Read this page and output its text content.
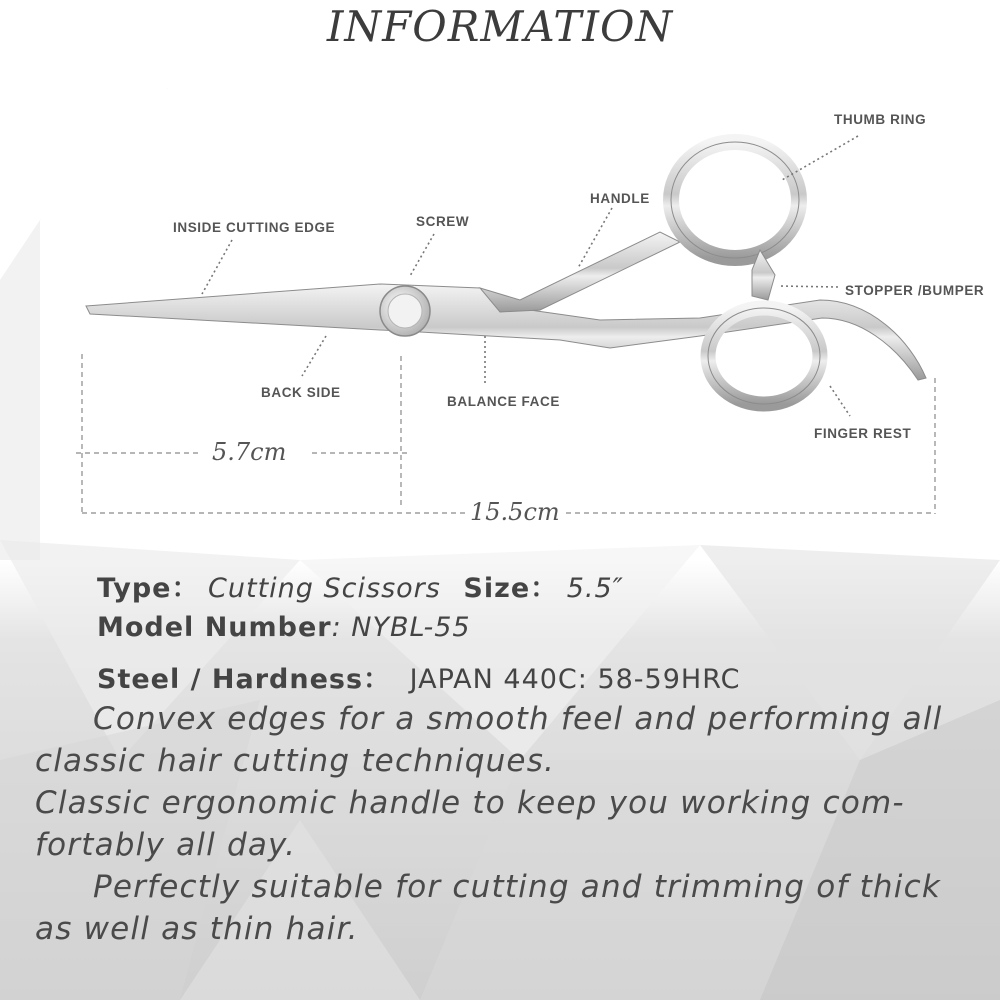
INFORMATION
THUMB RING
HANDLE
SCREW
INSIDE CUTTING EDGE
STOPPER /BUMPER
BACK SIDE
BALANCE FACE
FINGER REST
5.7cm
15.5cm
Type： Cutting Scissors Size： 5.5″
Model Number: NYBL-55
Steel / Hardness： JAPAN 440C: 58-59HRC
Convex edges for a smooth feel and performing all
classic hair cutting techniques.
Classic ergonomic handle to keep you working com-
fortably all day.
Perfectly suitable for cutting and trimming of thick
as well as thin hair.
